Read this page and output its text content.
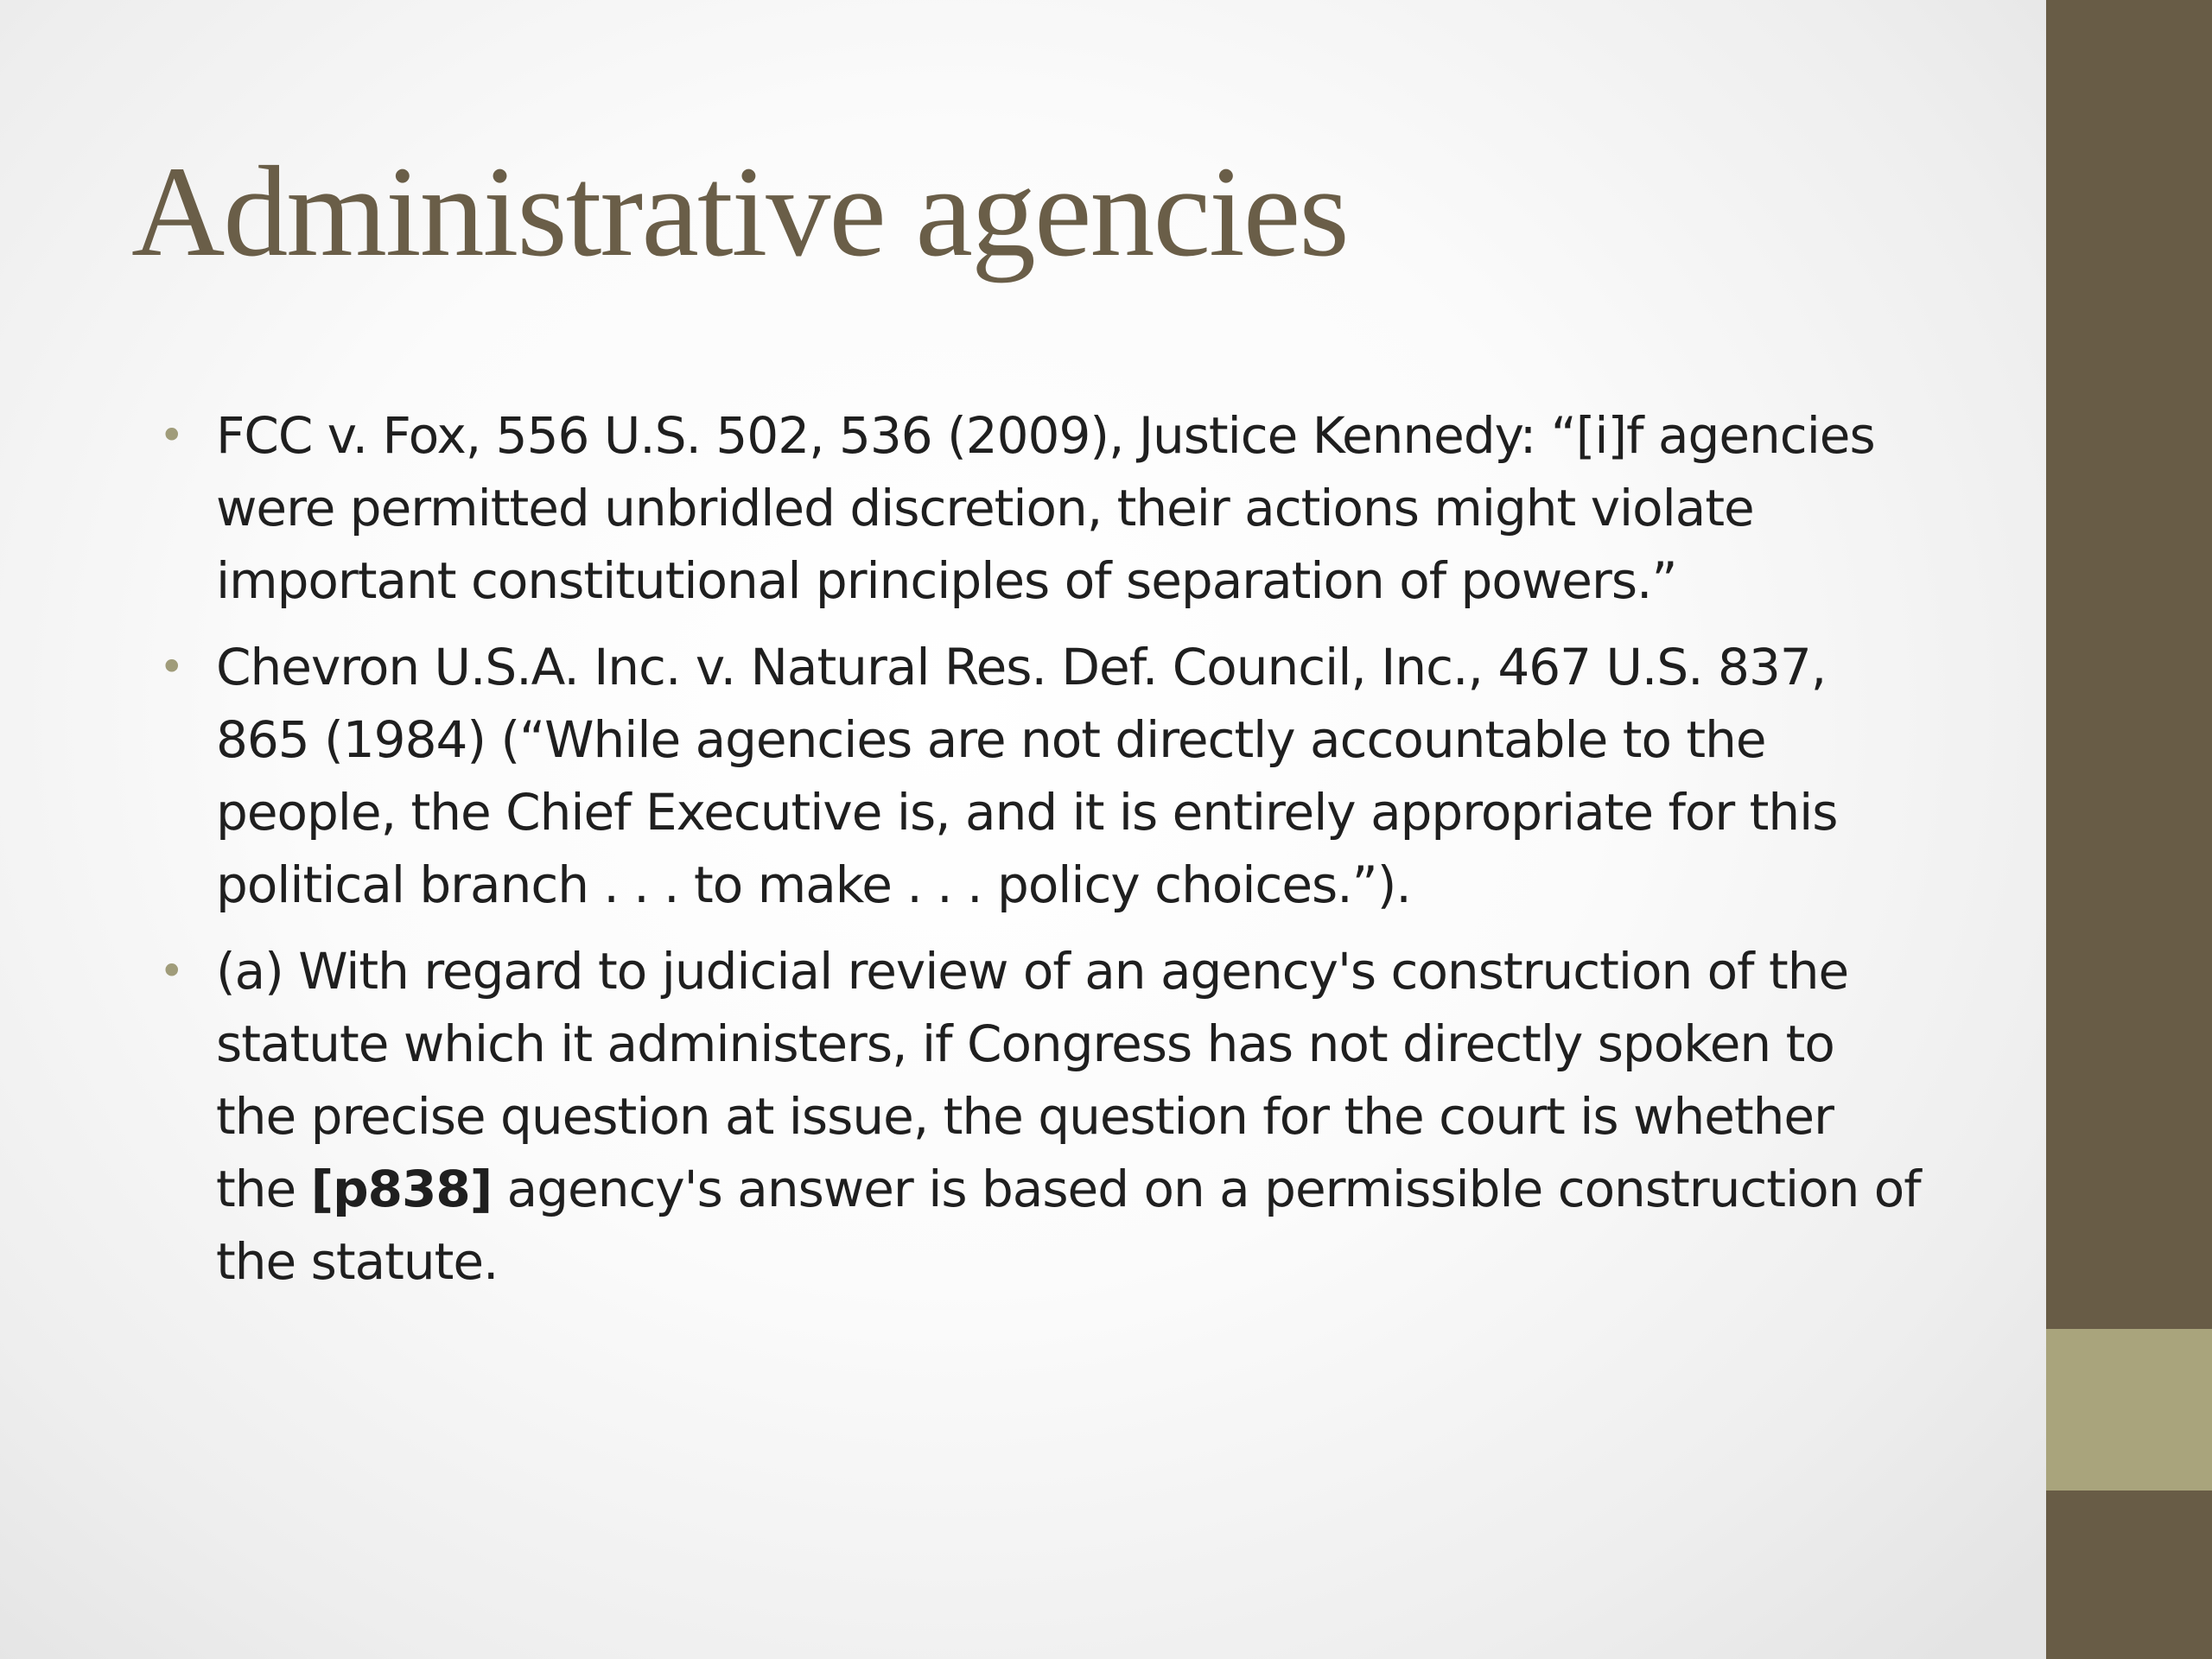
Administrative agencies
• FCC v. Fox, 556 U.S. 502, 536 (2009), Justice Kennedy: “[i]f agencies were permitted unbridled discretion, their actions might violate important constitutional principles of separation of powers.”
• Chevron U.S.A. Inc. v. Natural Res. Def. Council, Inc., 467 U.S. 837, 865 (1984) (“While agencies are not directly accountable to the people, the Chief Executive is, and it is entirely appropriate for this political branch . . . to make . . . policy choices.”).
• (a) With regard to judicial review of an agency's construction of the statute which it administers, if Congress has not directly spoken to the precise question at issue, the question for the court is whether the [p838] agency's answer is based on a permissible construction of the statute.
